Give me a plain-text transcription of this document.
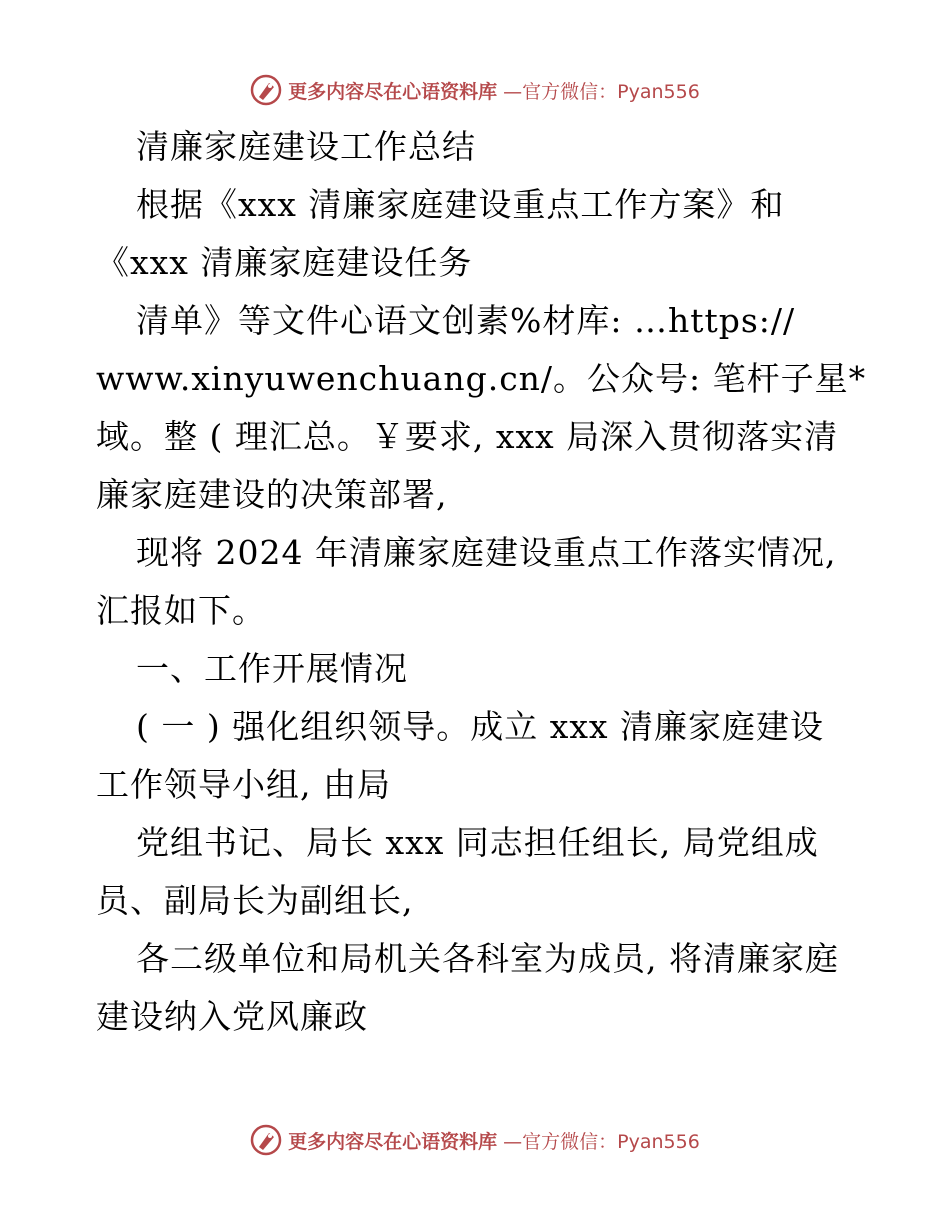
更多内容尽在心语资料库 —官方微信：Pyan556
清廉家庭建设工作总结
根据《xxx 清廉家庭建设重点工作方案》和
《xxx 清廉家庭建设任务
清单》等文件心语文创素%材库: …https://
www.xinyuwenchuang.cn/。公众号: 笔杆子星*
域。整 ( 理汇总。￥要求, xxx 局深入贯彻落实清
廉家庭建设的决策部署,
现将 2024 年清廉家庭建设重点工作落实情况,
汇报如下。
一、工作开展情况
( 一 ) 强化组织领导。成立 xxx 清廉家庭建设
工作领导小组, 由局
党组书记、局长 xxx 同志担任组长, 局党组成
员、副局长为副组长,
各二级单位和局机关各科室为成员, 将清廉家庭
建设纳入党风廉政
更多内容尽在心语资料库 —官方微信：Pyan556
